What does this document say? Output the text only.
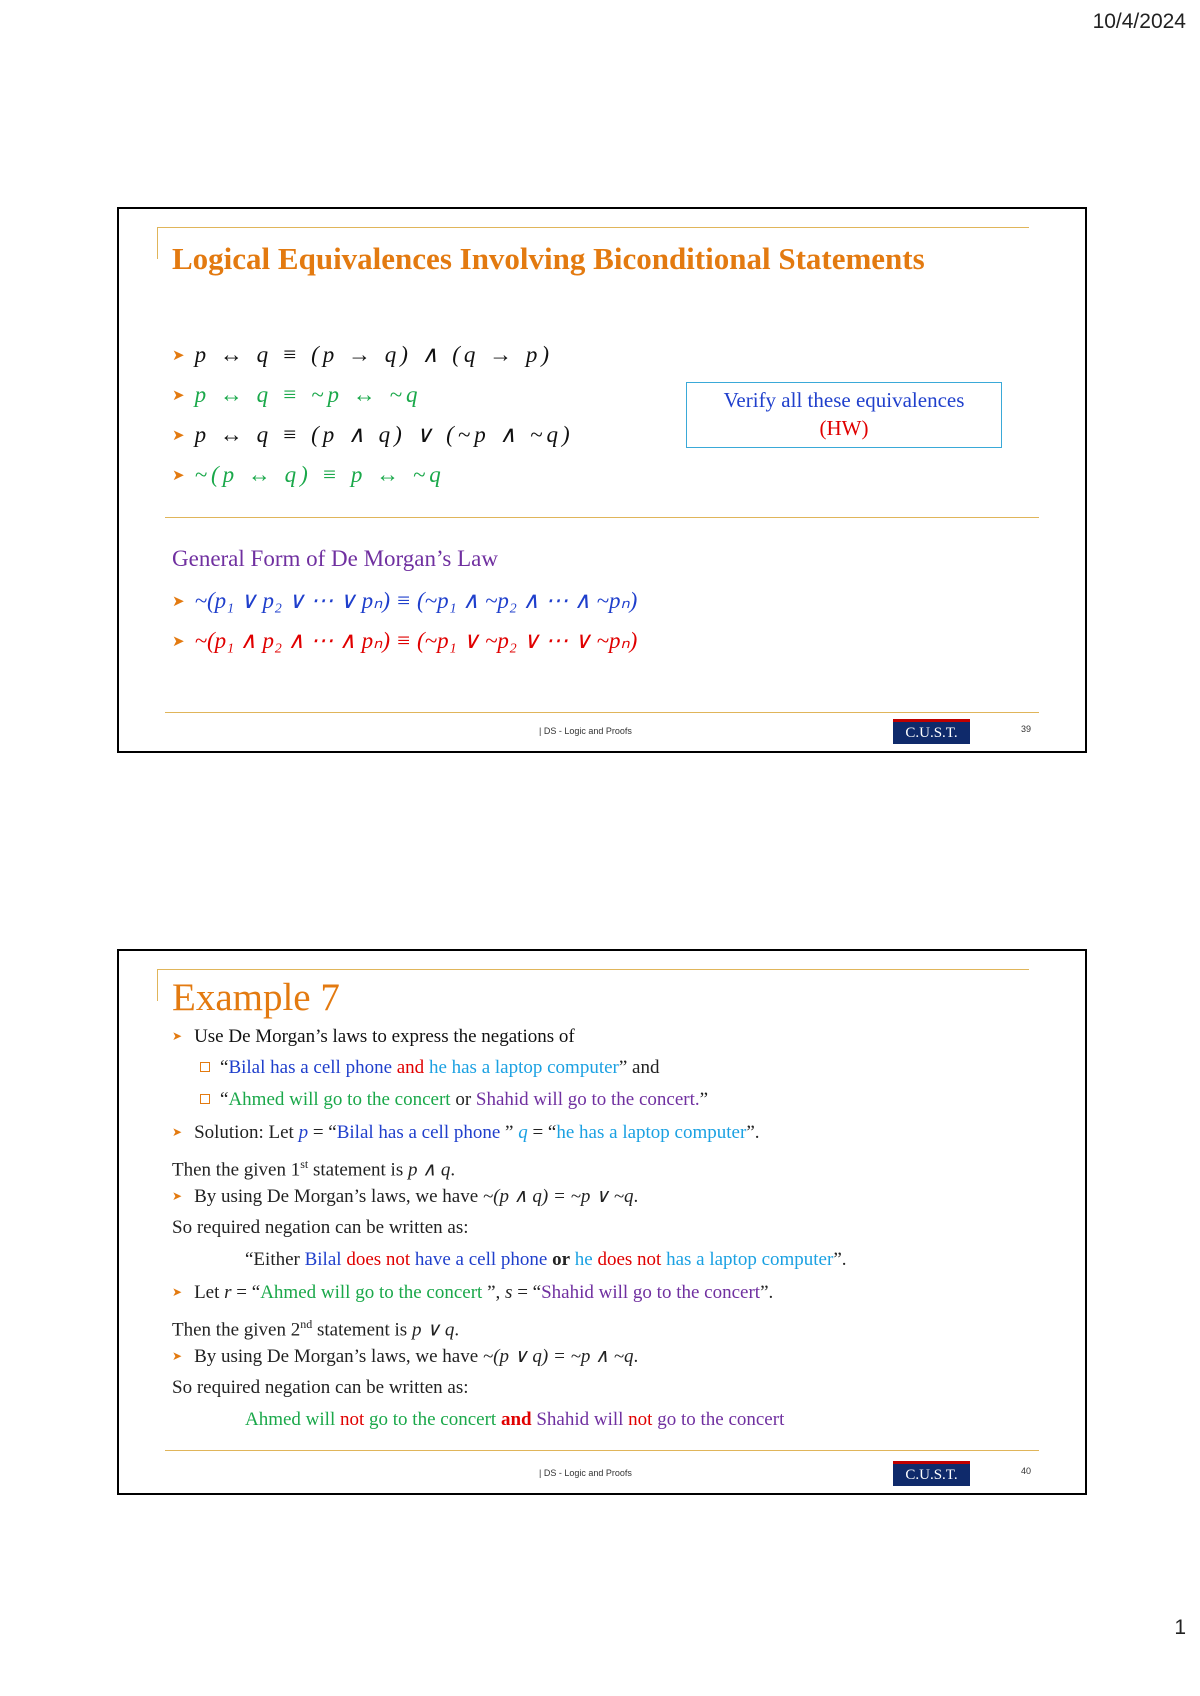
10/4/2024
Logical Equivalences Involving Biconditional Statements
➤ p ↔ q ≡ (p → q) ∧ (q → p)
➤ p ↔ q ≡ ~p ↔ ~q
➤ p ↔ q ≡ (p ∧ q) ∨ (~p ∧ ~q)
➤ ~(p ↔ q) ≡ p ↔ ~q
Verify all these equivalences
(HW)
General Form of De Morgan’s Law
➤ ~(p₁ ∨ p₂ ∨ ⋯ ∨ pₙ) ≡ (~p₁ ∧ ~p₂ ∧ ⋯ ∧ ~pₙ)
➤ ~(p₁ ∧ p₂ ∧ ⋯ ∧ pₙ) ≡ (~p₁ ∨ ~p₂ ∨ ⋯ ∨ ~pₙ)
| DS - Logic and Proofs	C.U.S.T.	39
Example 7
➤ Use De Morgan’s laws to express the negations of
“Bilal has a cell phone and he has a laptop computer” and
“Ahmed will go to the concert or Shahid will go to the concert.”
➤ Solution: Let p = “Bilal has a cell phone ” q = “he has a laptop computer”.
Then the given 1st statement is p ∧ q.
➤ By using De Morgan’s laws, we have ~(p ∧ q) = ~p ∨ ~q.
So required negation can be written as:
“Either Bilal does not have a cell phone or he does not has a laptop computer”.
➤ Let r = “Ahmed will go to the concert ”, s = “Shahid will go to the concert”.
Then the given 2nd statement is p ∨ q.
➤ By using De Morgan’s laws, we have ~(p ∨ q) = ~p ∧ ~q.
So required negation can be written as:
Ahmed will not go to the concert and Shahid will not go to the concert
| DS - Logic and Proofs	C.U.S.T.	40
1
